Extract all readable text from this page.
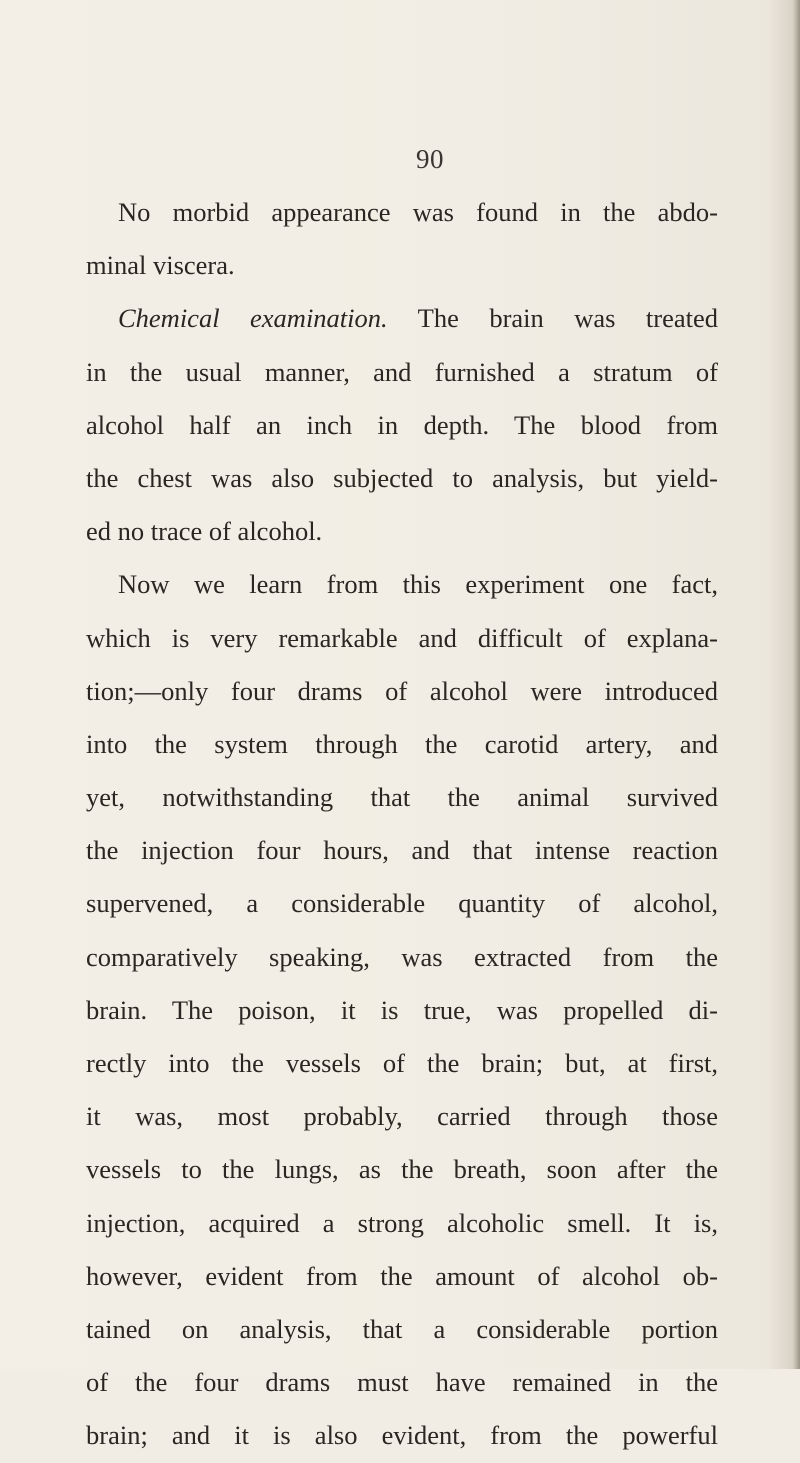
90
No morbid appearance was found in the abdo-
minal viscera.
Chemical examination. The brain was treated
in the usual manner, and furnished a stratum of
alcohol half an inch in depth. The blood from
the chest was also subjected to analysis, but yield-
ed no trace of alcohol.
Now we learn from this experiment one fact,
which is very remarkable and difficult of explana-
tion;—only four drams of alcohol were introduced
into the system through the carotid artery, and
yet, notwithstanding that the animal survived
the injection four hours, and that intense reaction
supervened, a considerable quantity of alcohol,
comparatively speaking, was extracted from the
brain. The poison, it is true, was propelled di-
rectly into the vessels of the brain; but, at first,
it was, most probably, carried through those
vessels to the lungs, as the breath, soon after the
injection, acquired a strong alcoholic smell. It is,
however, evident from the amount of alcohol ob-
tained on analysis, that a considerable portion
of the four drams must have remained in the
brain; and it is also evident, from the powerful
